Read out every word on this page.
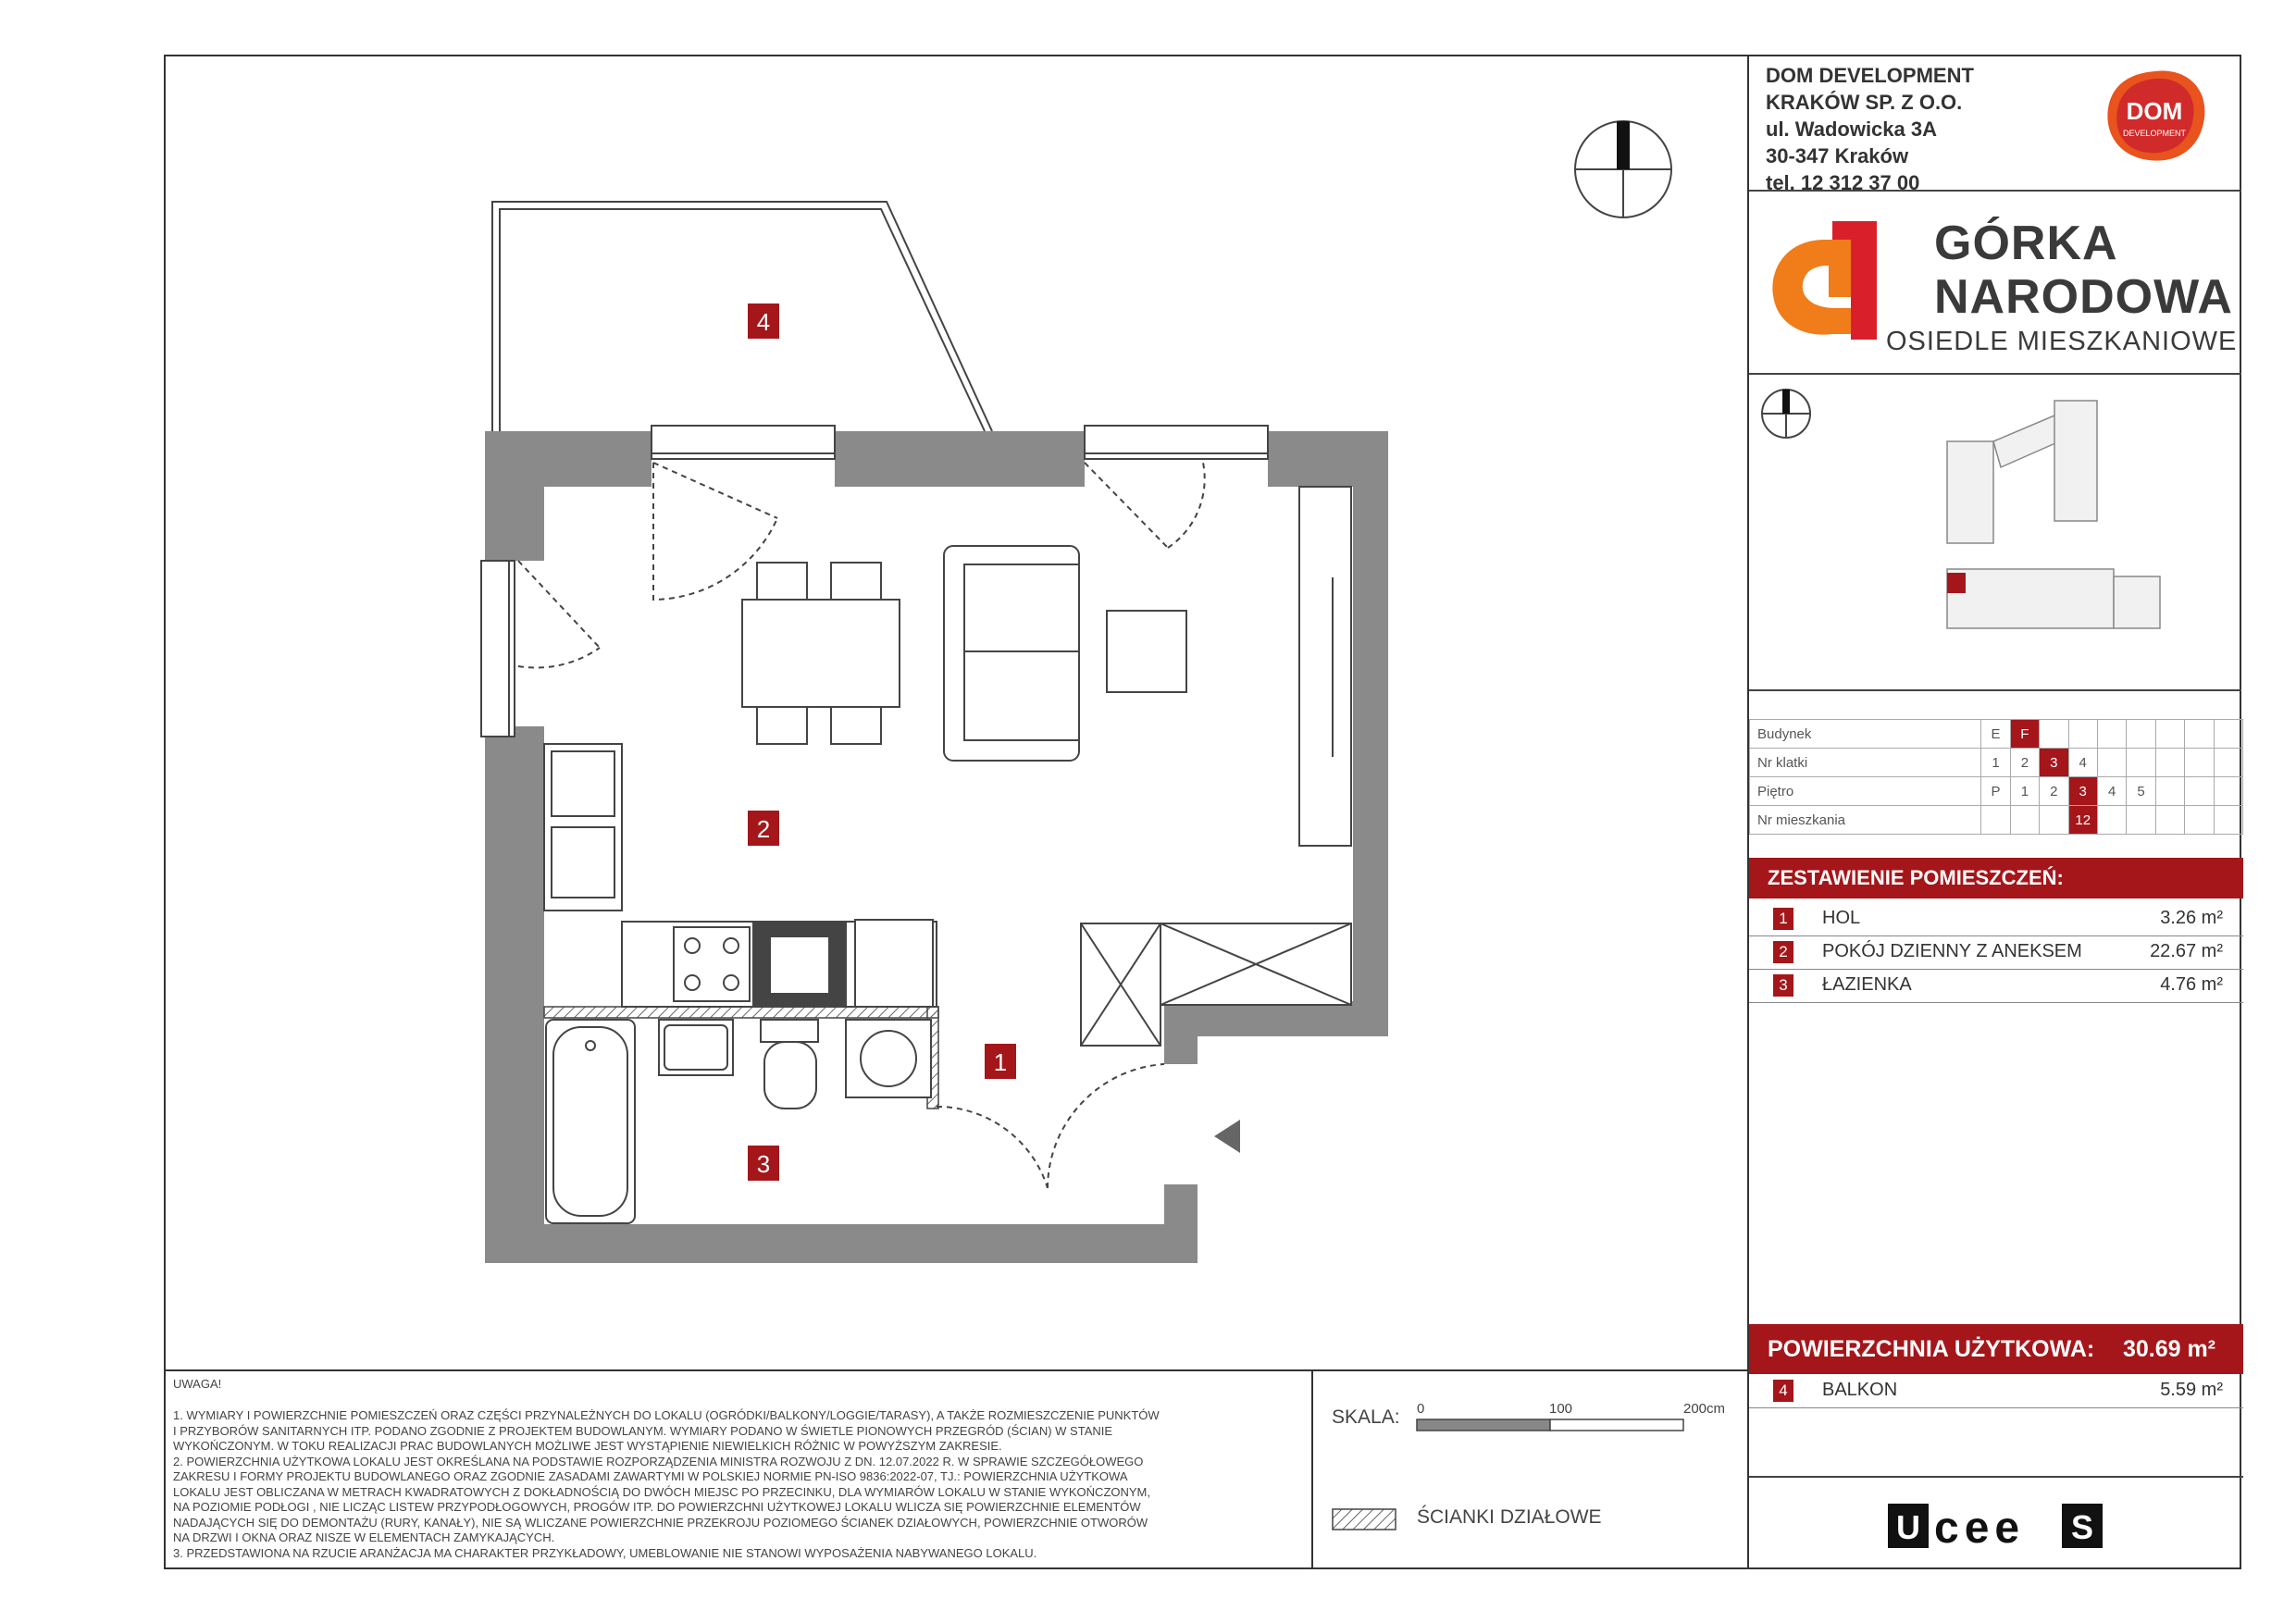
4
2
1
3
DOM DEVELOPMENT
KRAKÓW SP. Z O.O.
ul. Wadowicka 3A
30-347 Kraków
tel. 12 312 37 00
DOM
DEVELOPMENT
GÓRKA
NARODOWA
OSIEDLE MIESZKANIOWE
Budynek	E	F							
Nr klatki	1	2	3	4					
Piętro	P	1	2	3	4	5			
Nr mieszkania				12					
ZESTAWIENIE POMIESZCZEŃ:
1	HOL	3.26 m²
2	POKÓJ DZIENNY Z ANEKSEM	22.67 m²
3	ŁAZIENKA	4.76 m²
POWIERZCHNIA UŻYTKOWA: 30.69 m²
4	BALKON	5.59 m²
U cee S
UWAGA!
1. WYMIARY I POWIERZCHNIE POMIESZCZEŃ ORAZ CZĘŚCI PRZYNALEŻNYCH DO LOKALU (OGRÓDKI/BALKONY/LOGGIE/TARASY), A TAKŻE ROZMIESZCZENIE PUNKTÓW
I PRZYBORÓW SANITARNYCH ITP. PODANO ZGODNIE Z PROJEKTEM BUDOWLANYM. WYMIARY PODANO W ŚWIETLE PIONOWYCH PRZEGRÓD (ŚCIAN) W STANIE
WYKOŃCZONYM. W TOKU REALIZACJI PRAC BUDOWLANYCH MOŻLIWE JEST WYSTĄPIENIE NIEWIELKICH RÓŻNIC W POWYŻSZYM ZAKRESIE.
2. POWIERZCHNIA UŻYTKOWA LOKALU JEST OKREŚLANA NA PODSTAWIE ROZPORZĄDZENIA MINISTRA ROZWOJU Z DN. 12.07.2022 R. W SPRAWIE SZCZEGÓŁOWEGO
ZAKRESU I FORMY PROJEKTU BUDOWLANEGO ORAZ ZGODNIE ZASADAMI ZAWARTYMI W POLSKIEJ NORMIE PN-ISO 9836:2022-07, TJ.: POWIERZCHNIA UŻYTKOWA
LOKALU JEST OBLICZANA W METRACH KWADRATOWYCH Z DOKŁADNOŚCIĄ DO DWÓCH MIEJSC PO PRZECINKU, DLA WYMIARÓW LOKALU W STANIE WYKOŃCZONYM,
NA POZIOMIE PODŁOGI , NIE LICZĄC LISTEW PRZYPODŁOGOWYCH, PROGÓW ITP. DO POWIERZCHNI UŻYTKOWEJ LOKALU WLICZA SIĘ POWIERZCHNIE ELEMENTÓW
NADAJĄCYCH SIĘ DO DEMONTAŻU (RURY, KANAŁY), NIE SĄ WLICZANE POWIERZCHNIE PRZEKROJU POZIOMEGO ŚCIANEK DZIAŁOWYCH, POWIERZCHNIE OTWORÓW
NA DRZWI I OKNA ORAZ NISZE W ELEMENTACH ZAMYKAJĄCYCH.
3. PRZEDSTAWIONA NA RZUCIE ARANŻACJA MA CHARAKTER PRZYKŁADOWY, UMEBLOWANIE NIE STANOWI WYPOSAŻENIA NABYWANEGO LOKALU.
SKALA: 0	100	200cm
ŚCIANKI DZIAŁOWE
